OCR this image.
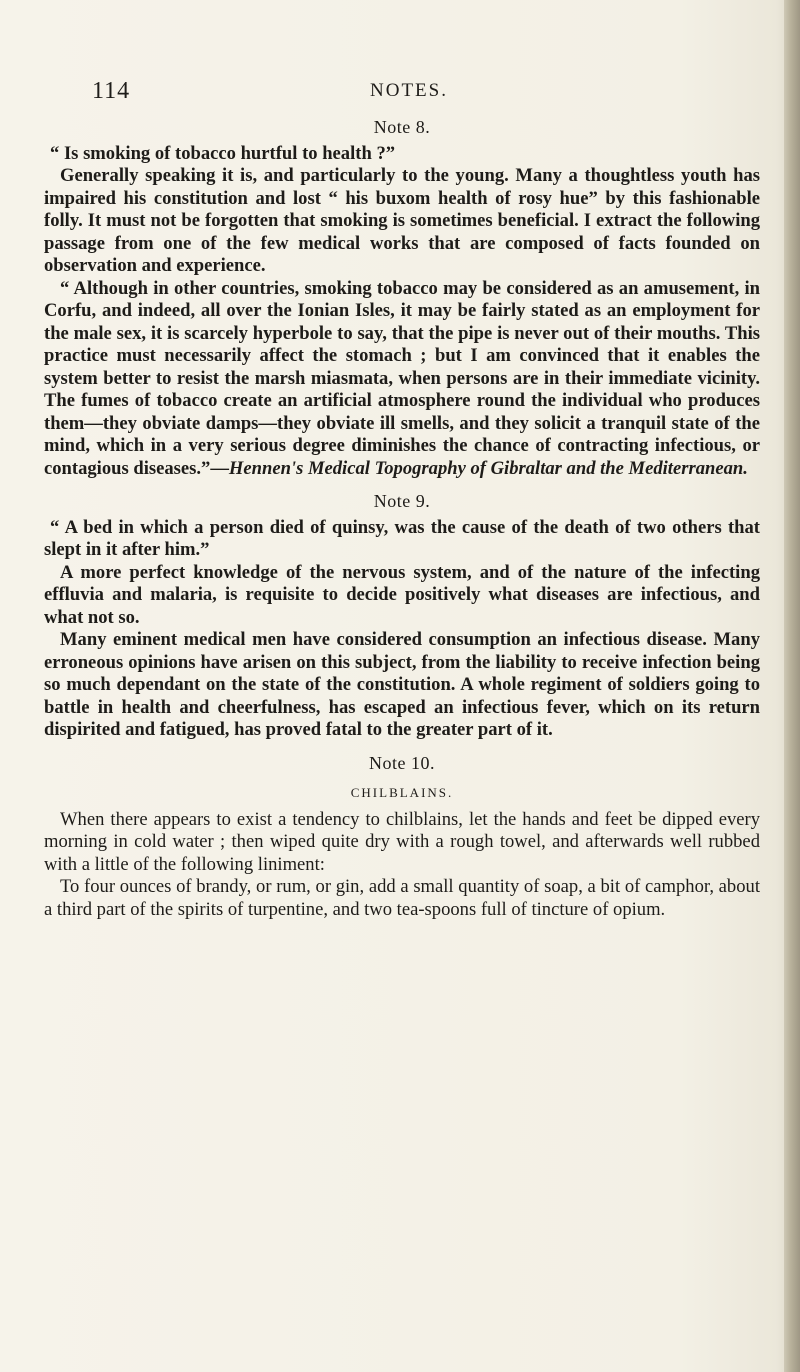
114	NOTES.

Note 8.

“ Is smoking of tobacco hurtful to health ?”

Generally speaking it is, and particularly to the young. Many a thoughtless youth has impaired his constitution and lost “ his buxom health of rosy hue” by this fashionable folly. It must not be forgotten that smoking is sometimes beneficial. I extract the following passage from one of the few medical works that are composed of facts founded on observation and experience.

“ Although in other countries, smoking tobacco may be considered as an amusement, in Corfu, and indeed, all over the Ionian Isles, it may be fairly stated as an employment for the male sex, it is scarcely hyperbole to say, that the pipe is never out of their mouths. This practice must necessarily affect the stomach ; but I am convinced that it enables the system better to resist the marsh miasmata, when persons are in their immediate vicinity. The fumes of tobacco create an artificial atmosphere round the individual who produces them—they obviate damps—they obviate ill smells, and they solicit a tranquil state of the mind, which in a very serious degree diminishes the chance of contracting infectious, or contagious diseases.”—Hennen's Medical Topography of Gibraltar and the Mediterranean.

Note 9.

“ A bed in which a person died of quinsy, was the cause of the death of two others that slept in it after him.”

A more perfect knowledge of the nervous system, and of the nature of the infecting effluvia and malaria, is requisite to decide positively what diseases are infectious, and what not so.

Many eminent medical men have considered consumption an infectious disease. Many erroneous opinions have arisen on this subject, from the liability to receive infection being so much dependant on the state of the constitution. A whole regiment of soldiers going to battle in health and cheerfulness, has escaped an infectious fever, which on its return dispirited and fatigued, has proved fatal to the greater part of it.

Note 10.

CHILBLAINS.

When there appears to exist a tendency to chilblains, let the hands and feet be dipped every morning in cold water ; then wiped quite dry with a rough towel, and afterwards well rubbed with a little of the following liniment:

To four ounces of brandy, or rum, or gin, add a small quantity of soap, a bit of camphor, about a third part of the spirits of turpentine, and two tea-spoons full of tincture of opium.
